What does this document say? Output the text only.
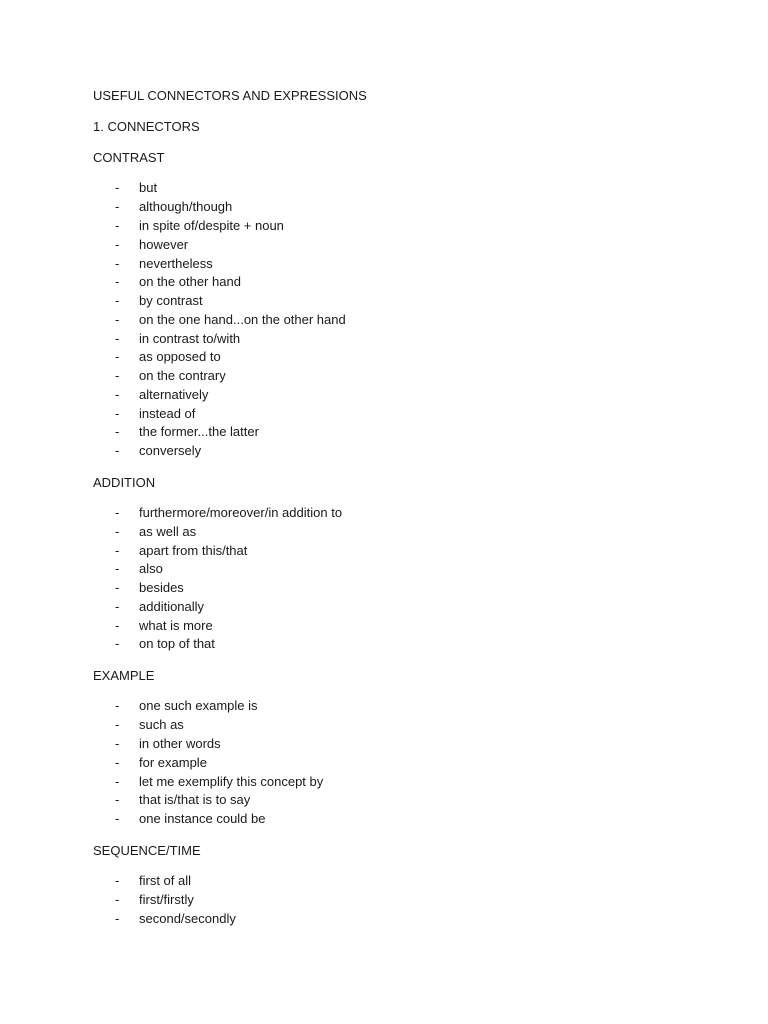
USEFUL CONNECTORS AND EXPRESSIONS
1. CONNECTORS
CONTRAST
- but
- although/though
- in spite of/despite + noun
- however
- nevertheless
- on the other hand
- by contrast
- on the one hand...on the other hand
- in contrast to/with
- as opposed to
- on the contrary
- alternatively
- instead of
- the former...the latter
- conversely
ADDITION
- furthermore/moreover/in addition to
- as well as
- apart from this/that
- also
- besides
- additionally
- what is more
- on top of that
EXAMPLE
- one such example is
- such as
- in other words
- for example
- let me exemplify this concept by
- that is/that is to say
- one instance could be
SEQUENCE/TIME
- first of all
- first/firstly
- second/secondly
